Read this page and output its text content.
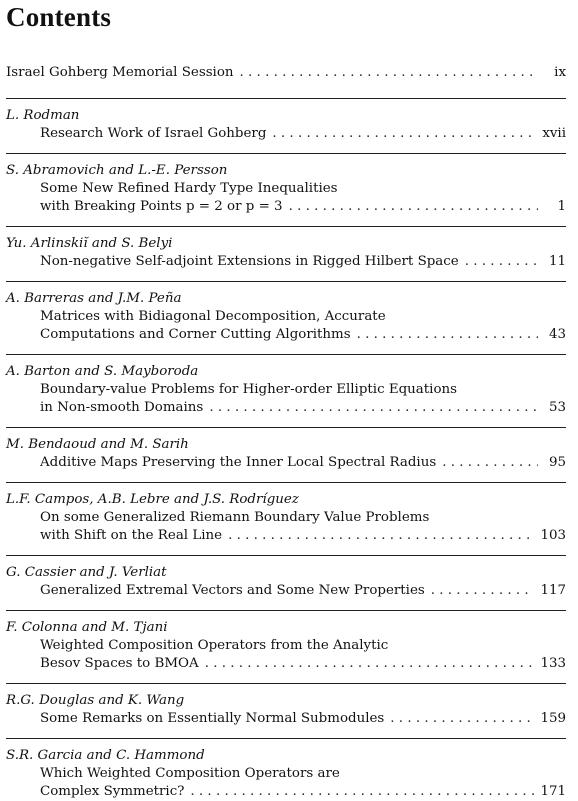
Contents
Israel Gohberg Memorial Session . . .	ix
L. Rodman
Research Work of Israel Gohberg . . .	xvii
S. Abramovich and L.-E. Persson
Some New Refined Hardy Type Inequalities
with Breaking Points p = 2 or p = 3 . . .	1
Yu. Arlinskiĭ and S. Belyi
Non-negative Self-adjoint Extensions in Rigged Hilbert Space . . .	11
A. Barreras and J.M. Peña
Matrices with Bidiagonal Decomposition, Accurate
Computations and Corner Cutting Algorithms . . .	43
A. Barton and S. Mayboroda
Boundary-value Problems for Higher-order Elliptic Equations
in Non-smooth Domains . . .	53
M. Bendaoud and M. Sarih
Additive Maps Preserving the Inner Local Spectral Radius . . .	95
L.F. Campos, A.B. Lebre and J.S. Rodríguez
On some Generalized Riemann Boundary Value Problems
with Shift on the Real Line . . .	103
G. Cassier and J. Verliat
Generalized Extremal Vectors and Some New Properties . . .	117
F. Colonna and M. Tjani
Weighted Composition Operators from the Analytic
Besov Spaces to BMOA . . .	133
R.G. Douglas and K. Wang
Some Remarks on Essentially Normal Submodules . . .	159
S.R. Garcia and C. Hammond
Which Weighted Composition Operators are
Complex Symmetric? . . .	171
